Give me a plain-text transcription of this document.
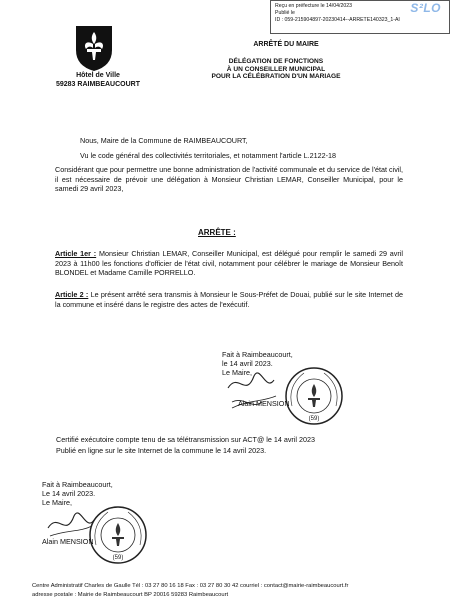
Reçu en préfecture le 14/04/2023
Publié le
ID : 059-215904897-20230414--ARRETE140323_1-AI
S²LO
Hôtel de Ville
59283 RAIMBEAUCOURT
ARRÊTÉ DU MAIRE
DÉLÉGATION DE FONCTIONS
À UN CONSEILLER MUNICIPAL
POUR LA CÉLÉBRATION D'UN MARIAGE
Nous, Maire de la Commune de RAIMBEAUCOURT,
Vu le code général des collectivités territoriales, et notamment l'article L.2122-18
Considérant que pour permettre une bonne administration de l'activité communale et du service de l'état civil, il est nécessaire de prévoir une délégation à Monsieur Christian LEMAR, Conseiller Municipal, pour le samedi 29 avril 2023,
ARRÊTE :
Article 1er : Monsieur Christian LEMAR, Conseiller Municipal, est délégué pour remplir le samedi 29 avril 2023 à 11h00 les fonctions d'officier de l'état civil, notamment pour célébrer le mariage de Monsieur Benoît BLONDEL et Madame Camille PORRELLO.
Article 2 : Le présent arrêté sera transmis à Monsieur le Sous-Préfet de Douai, publié sur le site Internet de la commune et inséré dans le registre des actes de l'exécutif.
Fait à Raimbeaucourt,
le 14 avril 2023.
Le Maire,
Alain MENSION
(59)
Certifié exécutoire compte tenu de sa télétransmission sur ACT@ le 14 avril 2023
Publié en ligne sur le site Internet de la commune le 14 avril 2023.
Fait à Raimbeaucourt,
Le 14 avril 2023.
Le Maire,
Alain MENSION
(59)
Centre Administratif Charles de Gaulle Tél : 03 27 80 16 18 Fax : 03 27 80 30 42 courriel : contact@mairie-raimbeaucourt.fr
adresse postale : Mairie de Raimbeaucourt BP 20016 59283 Raimbeaucourt
